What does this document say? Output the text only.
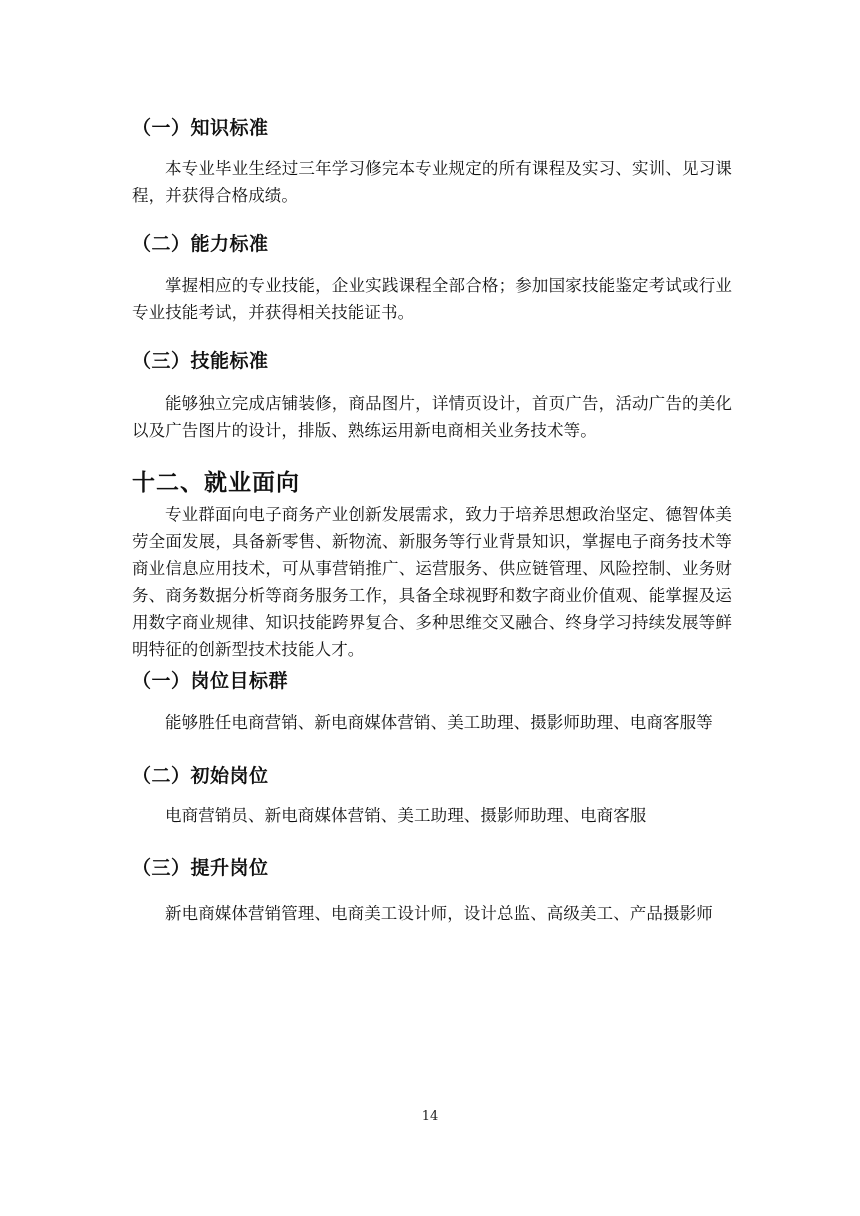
（一）知识标准

本专业毕业生经过三年学习修完本专业规定的所有课程及实习、实训、见习课程，并获得合格成绩。

（二）能力标准

掌握相应的专业技能，企业实践课程全部合格；参加国家技能鉴定考试或行业专业技能考试，并获得相关技能证书。

（三）技能标准

能够独立完成店铺装修，商品图片，详情页设计，首页广告，活动广告的美化以及广告图片的设计，排版、熟练运用新电商相关业务技术等。

十二、就业面向

专业群面向电子商务产业创新发展需求，致力于培养思想政治坚定、德智体美劳全面发展，具备新零售、新物流、新服务等行业背景知识，掌握电子商务技术等商业信息应用技术，可从事营销推广、运营服务、供应链管理、风险控制、业务财务、商务数据分析等商务服务工作，具备全球视野和数字商业价值观、能掌握及运用数字商业规律、知识技能跨界复合、多种思维交叉融合、终身学习持续发展等鲜明特征的创新型技术技能人才。

（一）岗位目标群

能够胜任电商营销、新电商媒体营销、美工助理、摄影师助理、电商客服等

（二）初始岗位

电商营销员、新电商媒体营销、美工助理、摄影师助理、电商客服

（三）提升岗位

新电商媒体营销管理、电商美工设计师，设计总监、高级美工、产品摄影师

14
